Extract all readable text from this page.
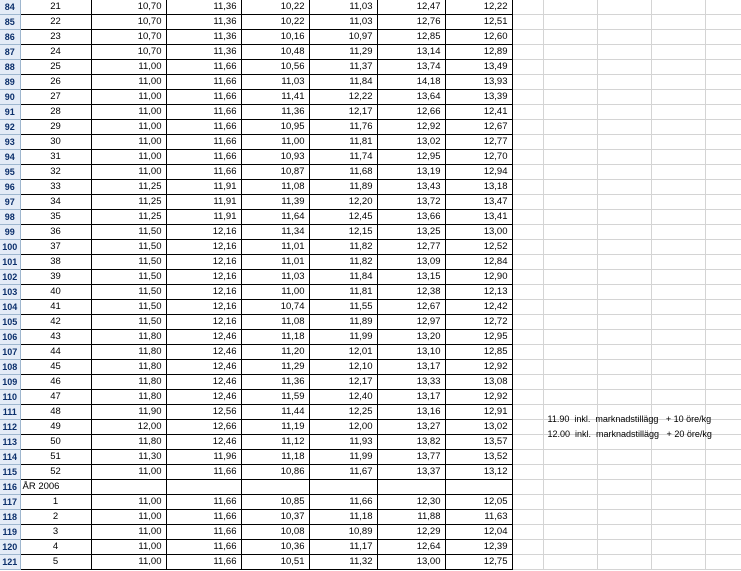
84	21	10,70	11,36	10,22	11,03	12,47	12,22						
85	22	10,70	11,36	10,22	11,03	12,76	12,51						
86	23	10,70	11,36	10,16	10,97	12,85	12,60						
87	24	10,70	11,36	10,48	11,29	13,14	12,89						
88	25	11,00	11,66	10,56	11,37	13,74	13,49						
89	26	11,00	11,66	11,03	11,84	14,18	13,93						
90	27	11,00	11,66	11,41	12,22	13,64	13,39						
91	28	11,00	11,66	11,36	12,17	12,66	12,41						
92	29	11,00	11,66	10,95	11,76	12,92	12,67						
93	30	11,00	11,66	11,00	11,81	13,02	12,77						
94	31	11,00	11,66	10,93	11,74	12,95	12,70						
95	32	11,00	11,66	10,87	11,68	13,19	12,94						
96	33	11,25	11,91	11,08	11,89	13,43	13,18						
97	34	11,25	11,91	11,39	12,20	13,72	13,47						
98	35	11,25	11,91	11,64	12,45	13,66	13,41						
99	36	11,50	12,16	11,34	12,15	13,25	13,00						
100	37	11,50	12,16	11,01	11,82	12,77	12,52						
101	38	11,50	12,16	11,01	11,82	13,09	12,84						
102	39	11,50	12,16	11,03	11,84	13,15	12,90						
103	40	11,50	12,16	11,00	11,81	12,38	12,13						
104	41	11,50	12,16	10,74	11,55	12,67	12,42						
105	42	11,50	12,16	11,08	11,89	12,97	12,72						
106	43	11,80	12,46	11,18	11,99	13,20	12,95						
107	44	11,80	12,46	11,20	12,01	13,10	12,85						
108	45	11,80	12,46	11,29	12,10	13,17	12,92						
109	46	11,80	12,46	11,36	12,17	13,33	13,08						
110	47	11,80	12,46	11,59	12,40	13,17	12,92						
111	48	11,90	12,56	11,44	12,25	13,16	12,91		11.90  inkl.  marknadstillägg   + 10 öre/kg				

112	49	12,00	12,66	11,19	12,00	13,27	13,02		12.00  inkl.  marknadstillägg   + 20 öre/kg				

113	50	11,80	12,46	11,12	11,93	13,82	13,57						
114	51	11,30	11,96	11,18	11,99	13,77	13,52						
115	52	11,00	11,66	10,86	11,67	13,37	13,12						
116	ÅR 2006												
117	1	11,00	11,66	10,85	11,66	12,30	12,05						
118	2	11,00	11,66	10,37	11,18	11,88	11,63						
119	3	11,00	11,66	10,08	10,89	12,29	12,04						
120	4	11,00	11,66	10,36	11,17	12,64	12,39						
121	5	11,00	11,66	10,51	11,32	13,00	12,75						
